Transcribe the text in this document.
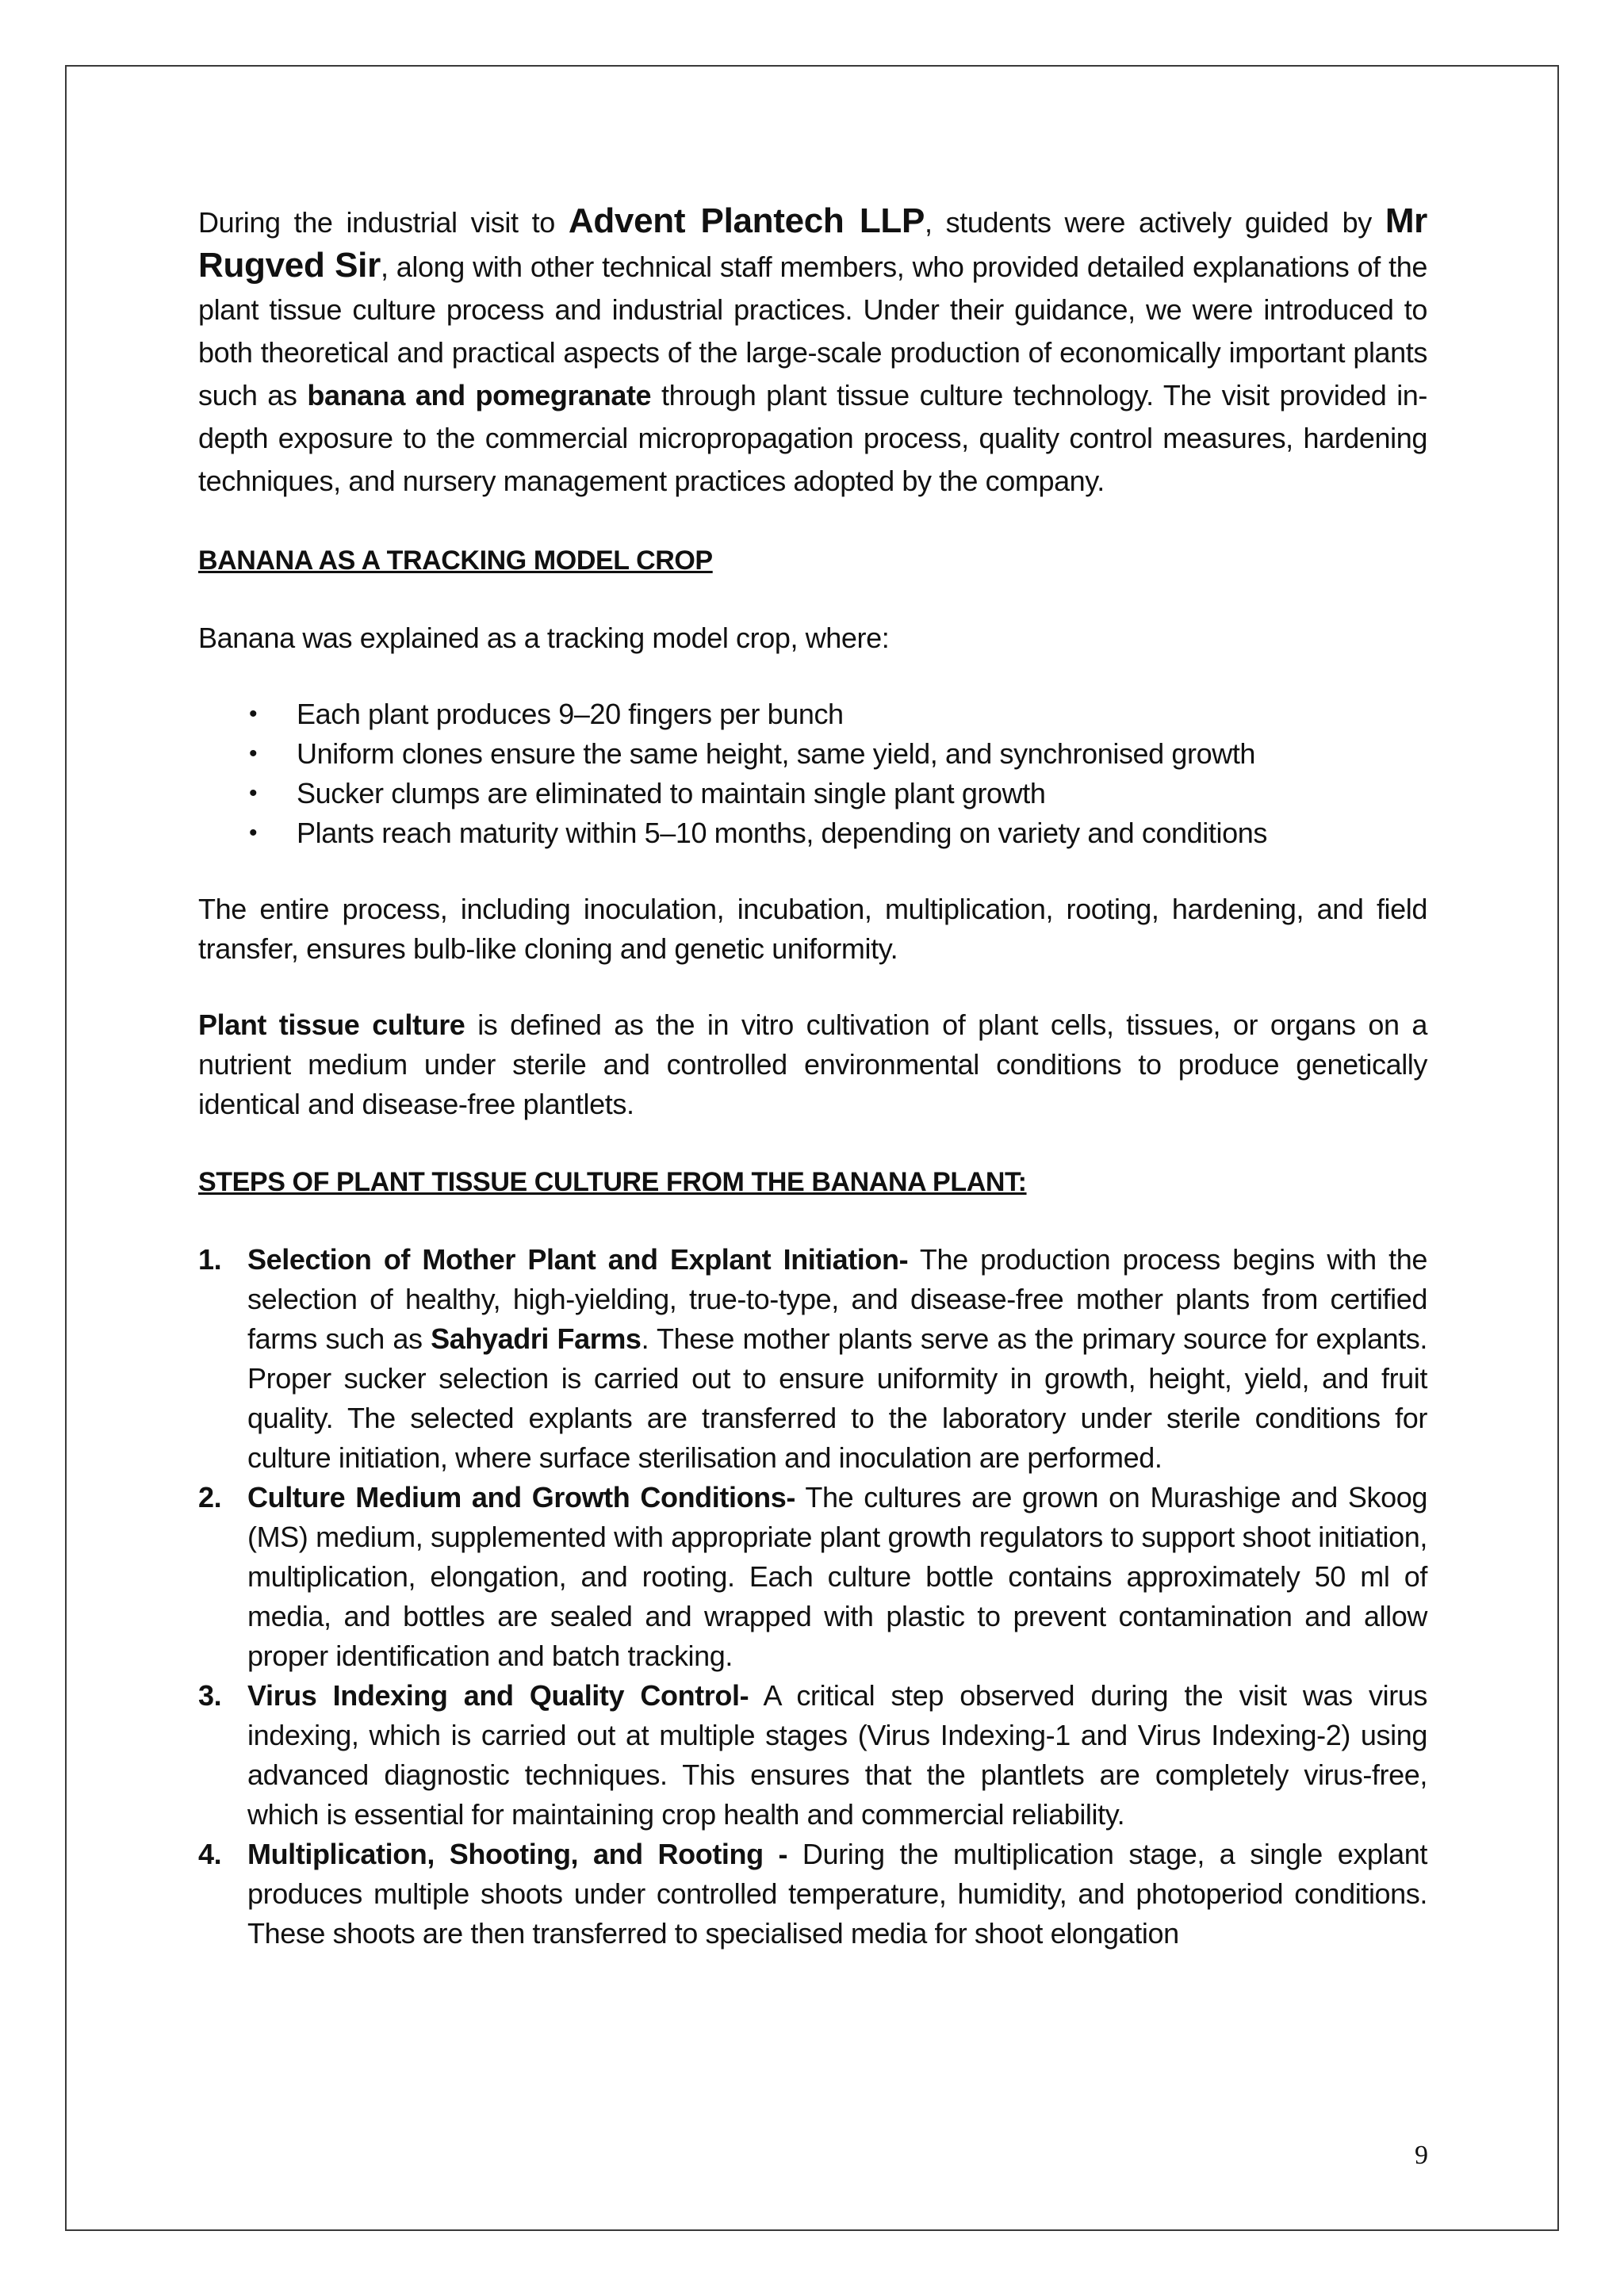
During the industrial visit to Advent Plantech LLP, students were actively guided by Mr Rugved Sir, along with other technical staff members, who provided detailed explanations of the plant tissue culture process and industrial practices. Under their guidance, we were introduced to both theoretical and practical aspects of the large-scale production of economically important plants such as banana and pomegranate through plant tissue culture technology. The visit provided in-depth exposure to the commercial micropropagation process, quality control measures, hardening techniques, and nursery management practices adopted by the company.

BANANA AS A TRACKING MODEL CROP

Banana was explained as a tracking model crop, where:

• Each plant produces 9–20 fingers per bunch
• Uniform clones ensure the same height, same yield, and synchronised growth
• Sucker clumps are eliminated to maintain single plant growth
• Plants reach maturity within 5–10 months, depending on variety and conditions

The entire process, including inoculation, incubation, multiplication, rooting, hardening, and field transfer, ensures bulb-like cloning and genetic uniformity.

Plant tissue culture is defined as the in vitro cultivation of plant cells, tissues, or organs on a nutrient medium under sterile and controlled environmental conditions to produce genetically identical and disease-free plantlets.

STEPS OF PLANT TISSUE CULTURE FROM THE BANANA PLANT:

1. Selection of Mother Plant and Explant Initiation- The production process begins with the selection of healthy, high-yielding, true-to-type, and disease-free mother plants from certified farms such as Sahyadri Farms. These mother plants serve as the primary source for explants. Proper sucker selection is carried out to ensure uniformity in growth, height, yield, and fruit quality. The selected explants are transferred to the laboratory under sterile conditions for culture initiation, where surface sterilisation and inoculation are performed.
2. Culture Medium and Growth Conditions- The cultures are grown on Murashige and Skoog (MS) medium, supplemented with appropriate plant growth regulators to support shoot initiation, multiplication, elongation, and rooting. Each culture bottle contains approximately 50 ml of media, and bottles are sealed and wrapped with plastic to prevent contamination and allow proper identification and batch tracking.
3. Virus Indexing and Quality Control- A critical step observed during the visit was virus indexing, which is carried out at multiple stages (Virus Indexing-1 and Virus Indexing-2) using advanced diagnostic techniques. This ensures that the plantlets are completely virus-free, which is essential for maintaining crop health and commercial reliability.
4. Multiplication, Shooting, and Rooting - During the multiplication stage, a single explant produces multiple shoots under controlled temperature, humidity, and photoperiod conditions. These shoots are then transferred to specialised media for shoot elongation
9
